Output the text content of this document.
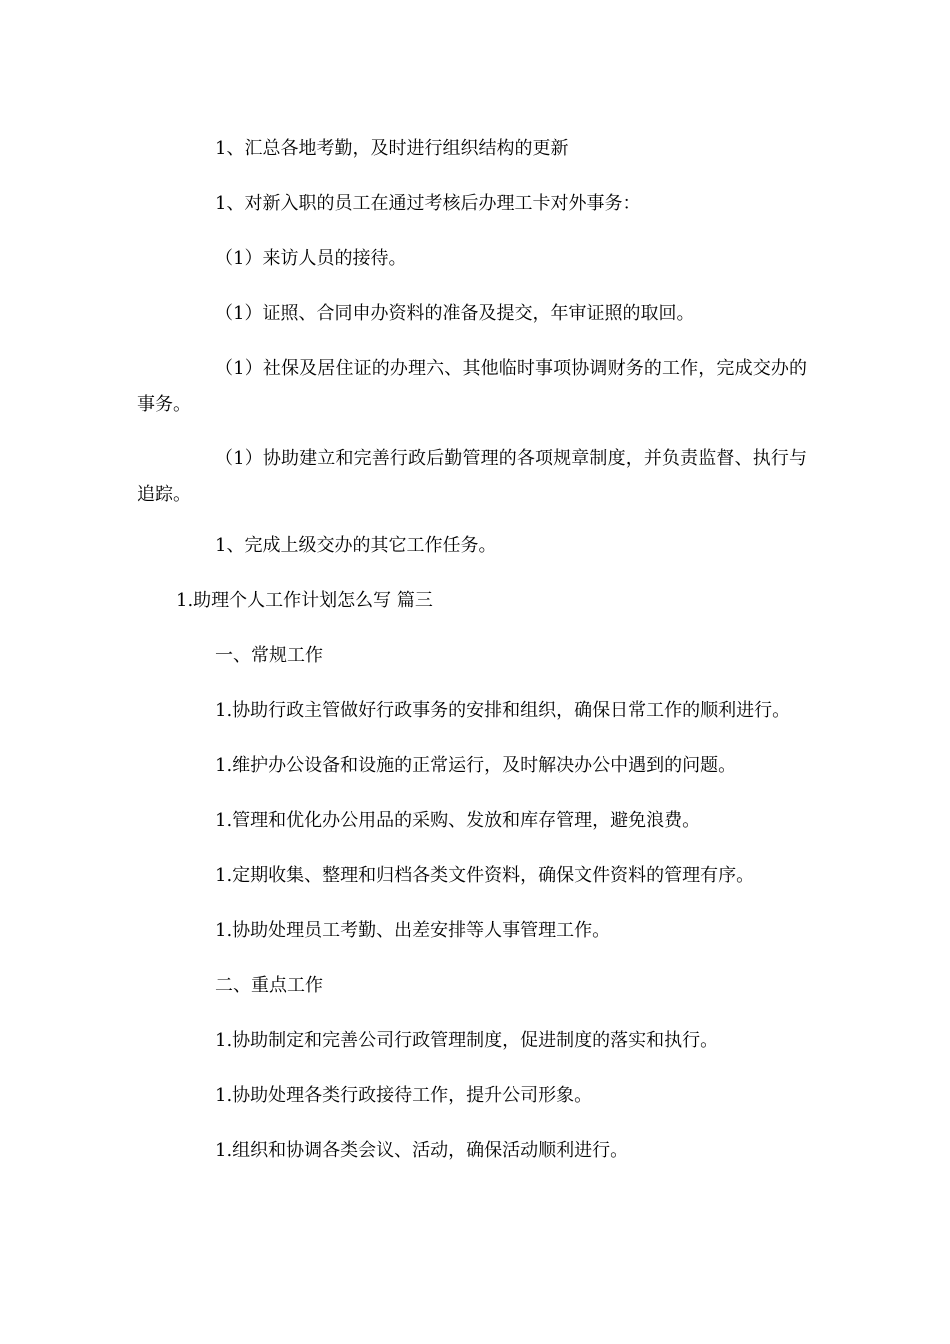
1、汇总各地考勤，及时进行组织结构的更新
1、对新入职的员工在通过考核后办理工卡对外事务：
（1）来访人员的接待。
（1）证照、合同申办资料的准备及提交，年审证照的取回。
（1）社保及居住证的办理六、其他临时事项协调财务的工作，完成交办的事务。
（1）协助建立和完善行政后勤管理的各项规章制度，并负责监督、执行与追踪。
1、完成上级交办的其它工作任务。
1.助理个人工作计划怎么写 篇三
一、常规工作
1.协助行政主管做好行政事务的安排和组织，确保日常工作的顺利进行。
1.维护办公设备和设施的正常运行，及时解决办公中遇到的问题。
1.管理和优化办公用品的采购、发放和库存管理，避免浪费。
1.定期收集、整理和归档各类文件资料，确保文件资料的管理有序。
1.协助处理员工考勤、出差安排等人事管理工作。
二、重点工作
1.协助制定和完善公司行政管理制度，促进制度的落实和执行。
1.协助处理各类行政接待工作，提升公司形象。
1.组织和协调各类会议、活动，确保活动顺利进行。
